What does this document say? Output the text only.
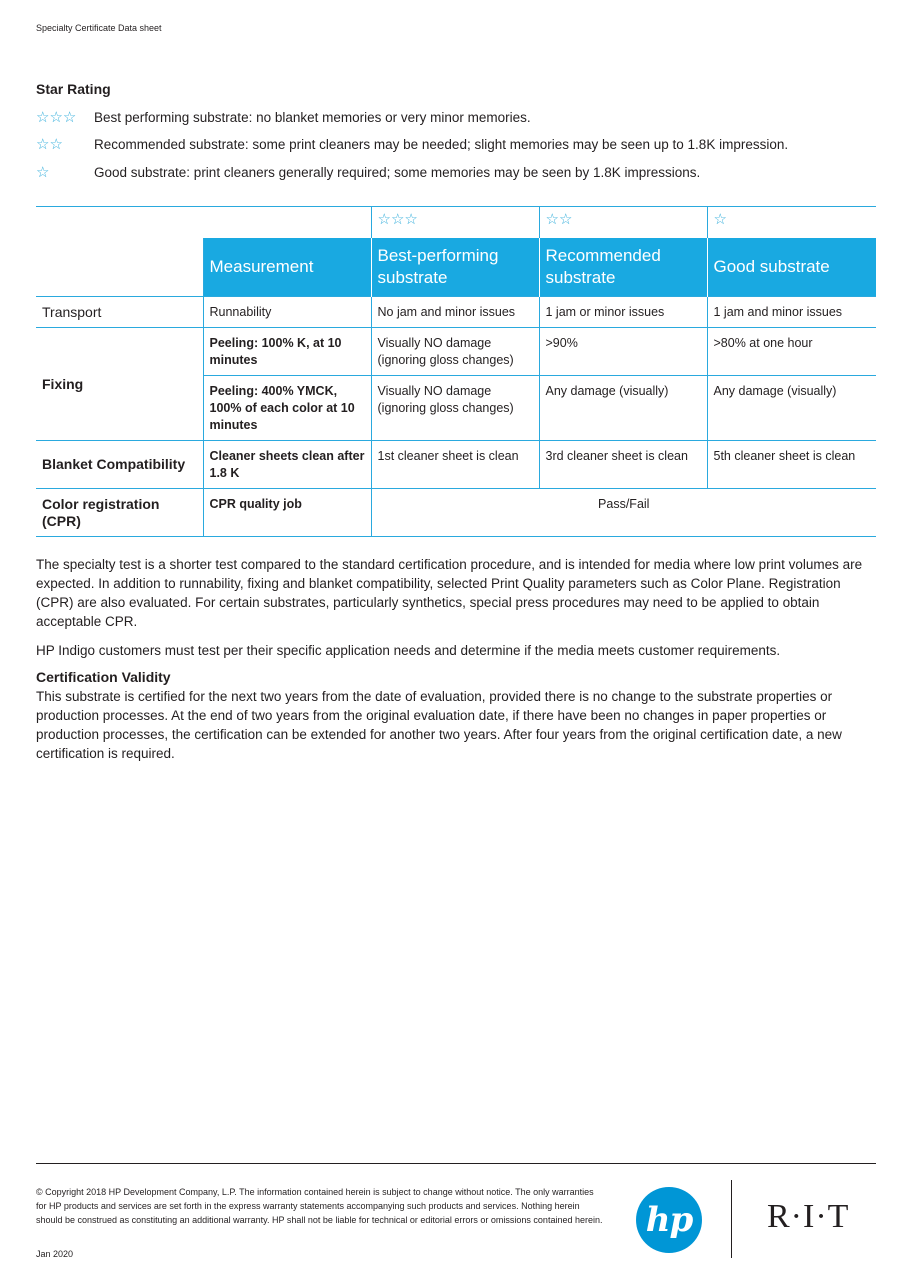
Specialty Certificate Data sheet
Star Rating
☆☆☆ Best performing substrate: no blanket memories or very minor memories.
☆☆ Recommended substrate: some print cleaners may be needed; slight memories may be seen up to 1.8K impression.
☆	Good substrate: print cleaners generally required; some memories may be seen by 1.8K impressions.
		☆☆☆	☆☆	☆
	Measurement	Best-performing substrate	Recommended substrate	Good substrate
Transport	Runnability	No jam and minor issues	1 jam or minor issues	1 jam and minor issues
Fixing	Peeling: 100% K, at 10 minutes	Visually NO damage (ignoring gloss changes)	>90%	>80% at one hour
	Peeling: 400% YMCK, 100% of each color at 10 minutes	Visually NO damage (ignoring gloss changes)	Any damage (visually)	Any damage (visually)
Blanket Compatibility	Cleaner sheets clean after 1.8 K	1st cleaner sheet is clean	3rd cleaner sheet is clean	5th cleaner sheet is clean
Color registration (CPR)	CPR quality job	Pass/Fail		
The specialty test is a shorter test compared to the standard certification procedure, and is intended for media where low print volumes are expected. In addition to runnability, fixing and blanket compatibility, selected Print Quality parameters such as Color Plane. Registration (CPR) are also evaluated. For certain substrates, particularly synthetics, special press procedures may need to be applied to obtain acceptable CPR.
HP Indigo customers must test per their specific application needs and determine if the media meets customer requirements.
Certification Validity
This substrate is certified for the next two years from the date of evaluation, provided there is no change to the substrate properties or production processes. At the end of two years from the original evaluation date, if there have been no changes in paper properties or production processes, the certification can be extended for another two years. After four years from the original certification date, a new certification is required.
© Copyright 2018 HP Development Company, L.P. The information contained herein is subject to change without notice. The only warranties for HP products and services are set forth in the express warranty statements accompanying such products and services. Nothing herein should be construed as constituting an additional warranty. HP shall not be liable for technical or editorial errors or omissions contained herein.
Jan 2020
hp R·I·T
